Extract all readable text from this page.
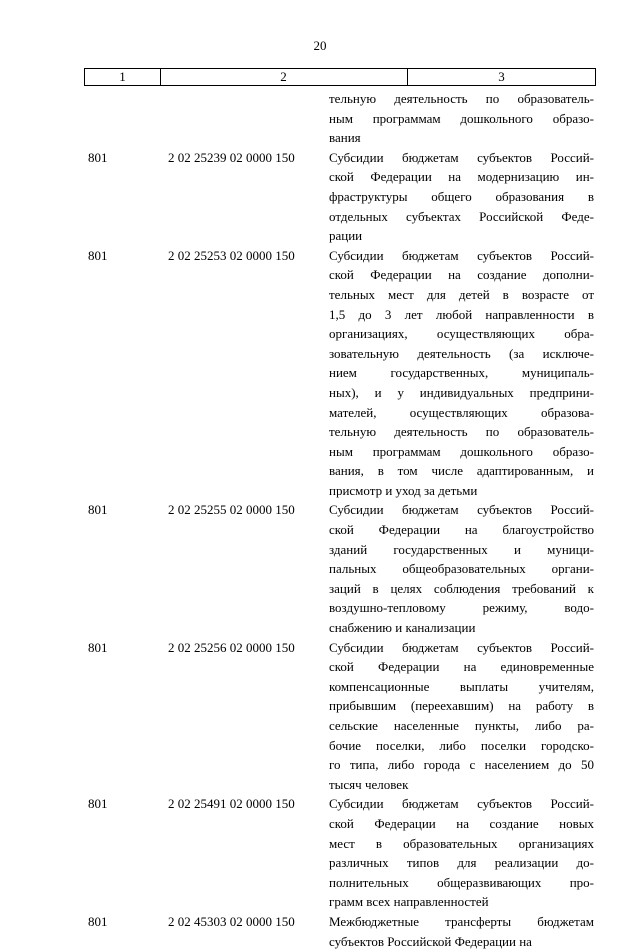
20
1	2	3
тельную деятельность по образователь-
ным программам дошкольного образо-
вания
801	2 02 25239 02 0000 150	Субсидии бюджетам субъектов Россий-
ской Федерации на модернизацию ин-
фраструктуры общего образования в
отдельных субъектах Российской Феде-
рации
801	2 02 25253 02 0000 150	Субсидии бюджетам субъектов Россий-
ской Федерации на создание дополни-
тельных мест для детей в возрасте от
1,5 до 3 лет любой направленности в
организациях, осуществляющих обра-
зовательную деятельность (за исключе-
нием государственных, муниципаль-
ных), и у индивидуальных предприни-
мателей, осуществляющих образова-
тельную деятельность по образователь-
ным программам дошкольного образо-
вания, в том числе адаптированным, и
присмотр и уход за детьми
801	2 02 25255 02 0000 150	Субсидии бюджетам субъектов Россий-
ской Федерации на благоустройство
зданий государственных и муници-
пальных общеобразовательных органи-
заций в целях соблюдения требований к
воздушно-тепловому режиму, водо-
снабжению и канализации
801	2 02 25256 02 0000 150	Субсидии бюджетам субъектов Россий-
ской Федерации на единовременные
компенсационные выплаты учителям,
прибывшим (переехавшим) на работу в
сельские населенные пункты, либо ра-
бочие поселки, либо поселки городско-
го типа, либо города с населением до 50
тысяч человек
801	2 02 25491 02 0000 150	Субсидии бюджетам субъектов Россий-
ской Федерации на создание новых
мест в образовательных организациях
различных типов для реализации до-
полнительных общеразвивающих про-
грамм всех направленностей
801	2 02 45303 02 0000 150	Межбюджетные трансферты бюджетам
субъектов Российской Федерации на
